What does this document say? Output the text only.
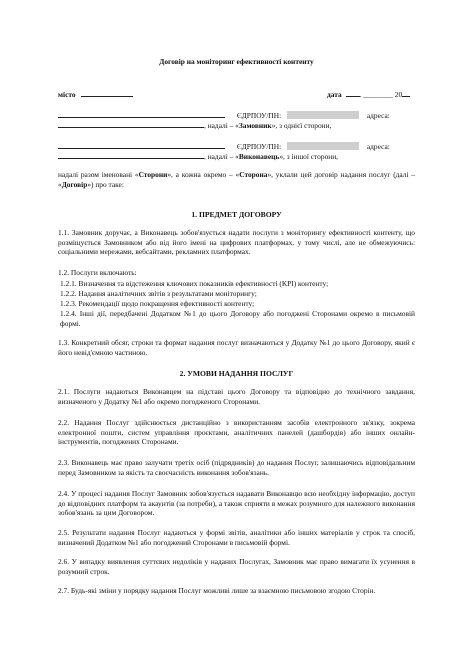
Договір на моніторинг ефективності контенту
місто	дата . ________ 20
ЄДРПОУ/ПН:	адреса:
, надалі – «Замовник», з однієї сторони,
ЄДРПОУ/ПН:	адреса:
, надалі – «Виконавець», з іншої сторони,
надалі разом іменовані «Сторони», а кожна окремо – «Сторона», уклали цей договір надання послуг (далі – «Договір») про таке:
1. ПРЕДМЕТ ДОГОВОРУ
1.1. Замовник доручає, а Виконавець зобов'язується надати послуги з моніторингу ефективності контенту, що розміщується Замовником або від його імені на цифрових платформах, у тому числі, але не обмежуючись: соціальними мережами, вебсайтами, рекламних платформах.
1.2. Послуги включають:
1.2.1. Визначення та відстеження ключових показників ефективності (KPI) контенту;
1.2.2. Надання аналітичних звітів з результатами моніторингу;
1.2.3. Рекомендації щодо покращення ефективності контенту;
1.2.4. Інші дії, передбачені Додатком №1 до цього Договору або погоджені Сторонами окремо в письмовій формі.
1.3. Конкретний обсяг, строки та формат надання послуг визначаються у Додатку №1 до цього Договору, який є його невід'ємною частиною.
2. УМОВИ НАДАННЯ ПОСЛУГ
2.1. Послуги надаються Виконавцем на підставі цього Договору та відповідно до технічного завдання, визначеного у Додатку №1 або окремо погодженого Сторонами.
2.2. Надання Послуг здійснюється дистанційно з використанням засобів електронного зв'язку, зокрема електронної пошти, систем управління проєктами, аналітичних панелей (дашбордів) або інших онлайн-інструментів, погоджених Сторонами.
2.3. Виконавець має право залучати третіх осіб (підрядників) до надання Послуг, залишаючись відповідальним перед Замовником за якість та своєчасність виконання зобов'язань.
2.4. У процесі надання Послуг Замовник зобов'язується надавати Виконавцю всю необхідну інформацію, доступ до відповідних платформ та акаунтів (за потреби), а також сприяти в межах розумного для належного виконання зобов'язань за цим Договором.
2.5. Результати надання Послуг надаються у формі звітів, аналітики або інших матеріалів у строк та спосіб, визначений Додатком №1 або погоджений Сторонами в письмовій формі.
2.6. У випадку виявлення суттєвих недоліків у наданих Послугах, Замовник має право вимагати їх усунення в розумний строк.
2.7. Будь-які зміни у порядку надання Послуг можливі лише за взаємною письмовою згодою Сторін.
